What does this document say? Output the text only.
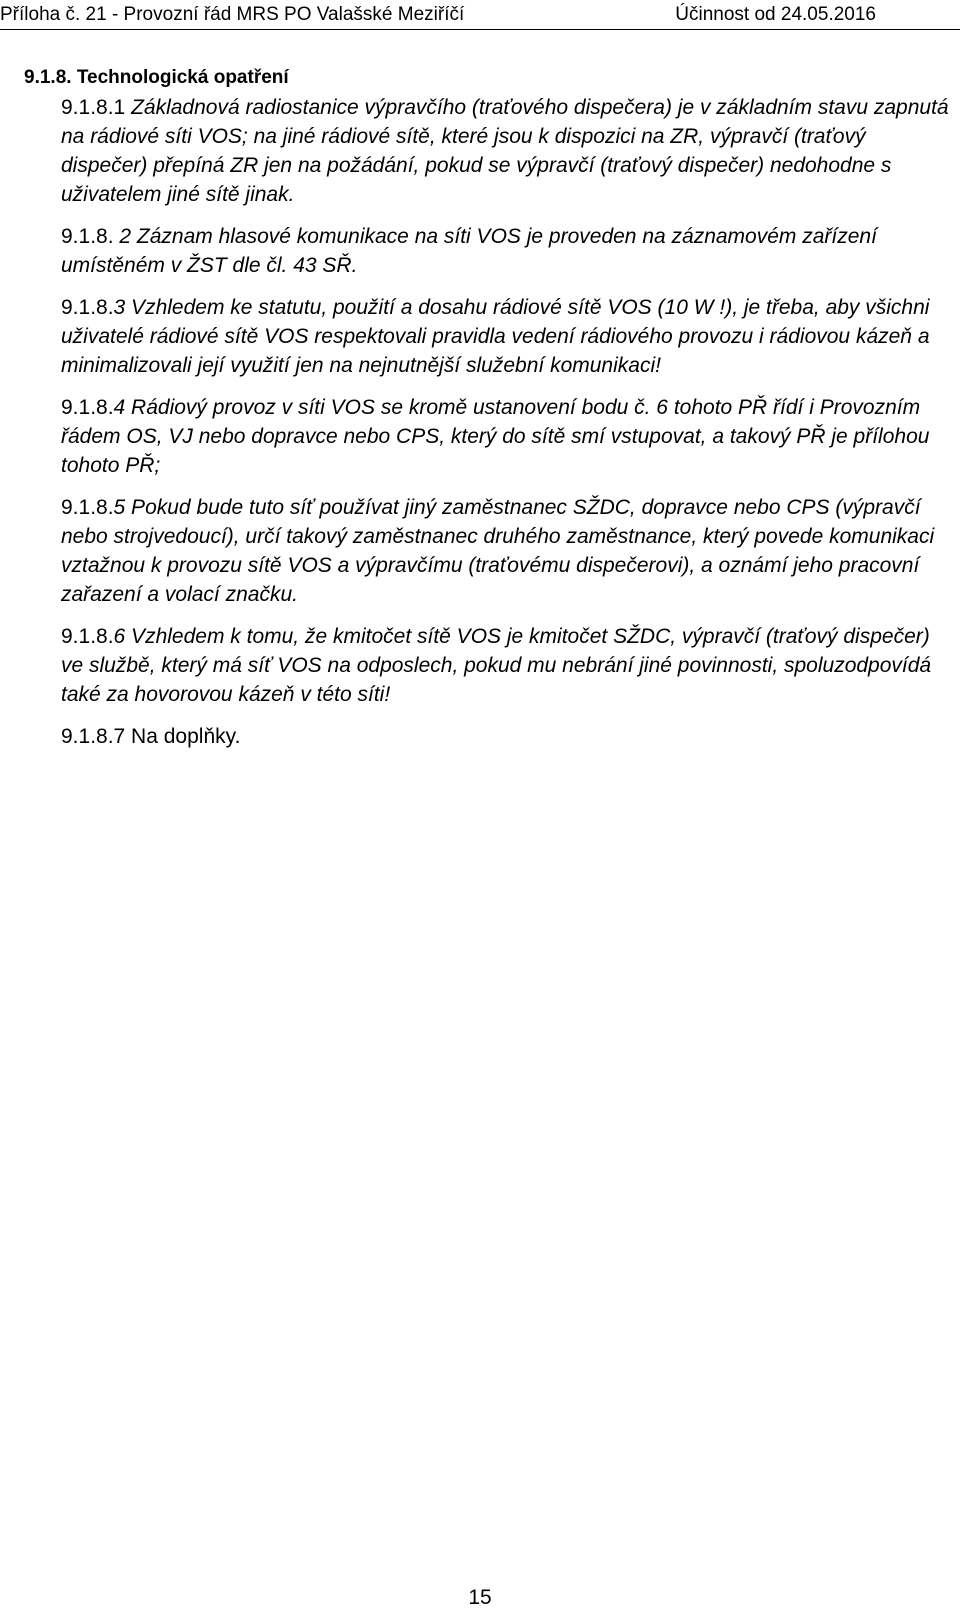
Příloha č. 21 - Provozní řád MRS PO Valašské Meziříčí	Účinnost od 24.05.2016
9.1.8. Technologická opatření

9.1.8.1 Základnová radiostanice výpravčího (traťového dispečera) je v základním stavu zapnutá na rádiové síti VOS; na jiné rádiové sítě, které jsou k dispozici na ZR, výpravčí (traťový dispečer) přepíná ZR jen na požádání, pokud se výpravčí (traťový dispečer) nedohodne s uživatelem jiné sítě jinak.

9.1.8. 2 Záznam hlasové komunikace na síti VOS je proveden na záznamovém zařízení umístěném v ŽST dle čl. 43 SŘ.

9.1.8.3 Vzhledem ke statutu, použití a dosahu rádiové sítě VOS (10 W !), je třeba, aby všichni uživatelé rádiové sítě VOS respektovali pravidla vedení rádiového provozu i rádiovou kázeň a minimalizovali její využití jen na nejnutnější služební komunikaci!

9.1.8.4 Rádiový provoz v síti VOS se kromě ustanovení bodu č. 6 tohoto PŘ řídí i Provozním řádem OS, VJ nebo dopravce nebo CPS, který do sítě smí vstupovat, a takový PŘ je přílohou tohoto PŘ;

9.1.8.5 Pokud bude tuto síť používat jiný zaměstnanec SŽDC, dopravce nebo CPS (výpravčí nebo strojvedoucí), určí takový zaměstnanec druhého zaměstnance, který povede komunikaci vztažnou k provozu sítě VOS a výpravčímu (traťovému dispečerovi), a oznámí jeho pracovní zařazení a volací značku.

9.1.8.6 Vzhledem k tomu, že kmitočet sítě VOS je kmitočet SŽDC, výpravčí (traťový dispečer) ve službě, který má síť VOS na odposlech, pokud mu nebrání jiné povinnosti, spoluzodpovídá také za hovorovou kázeň v této síti!

9.1.8.7 Na doplňky.

15
